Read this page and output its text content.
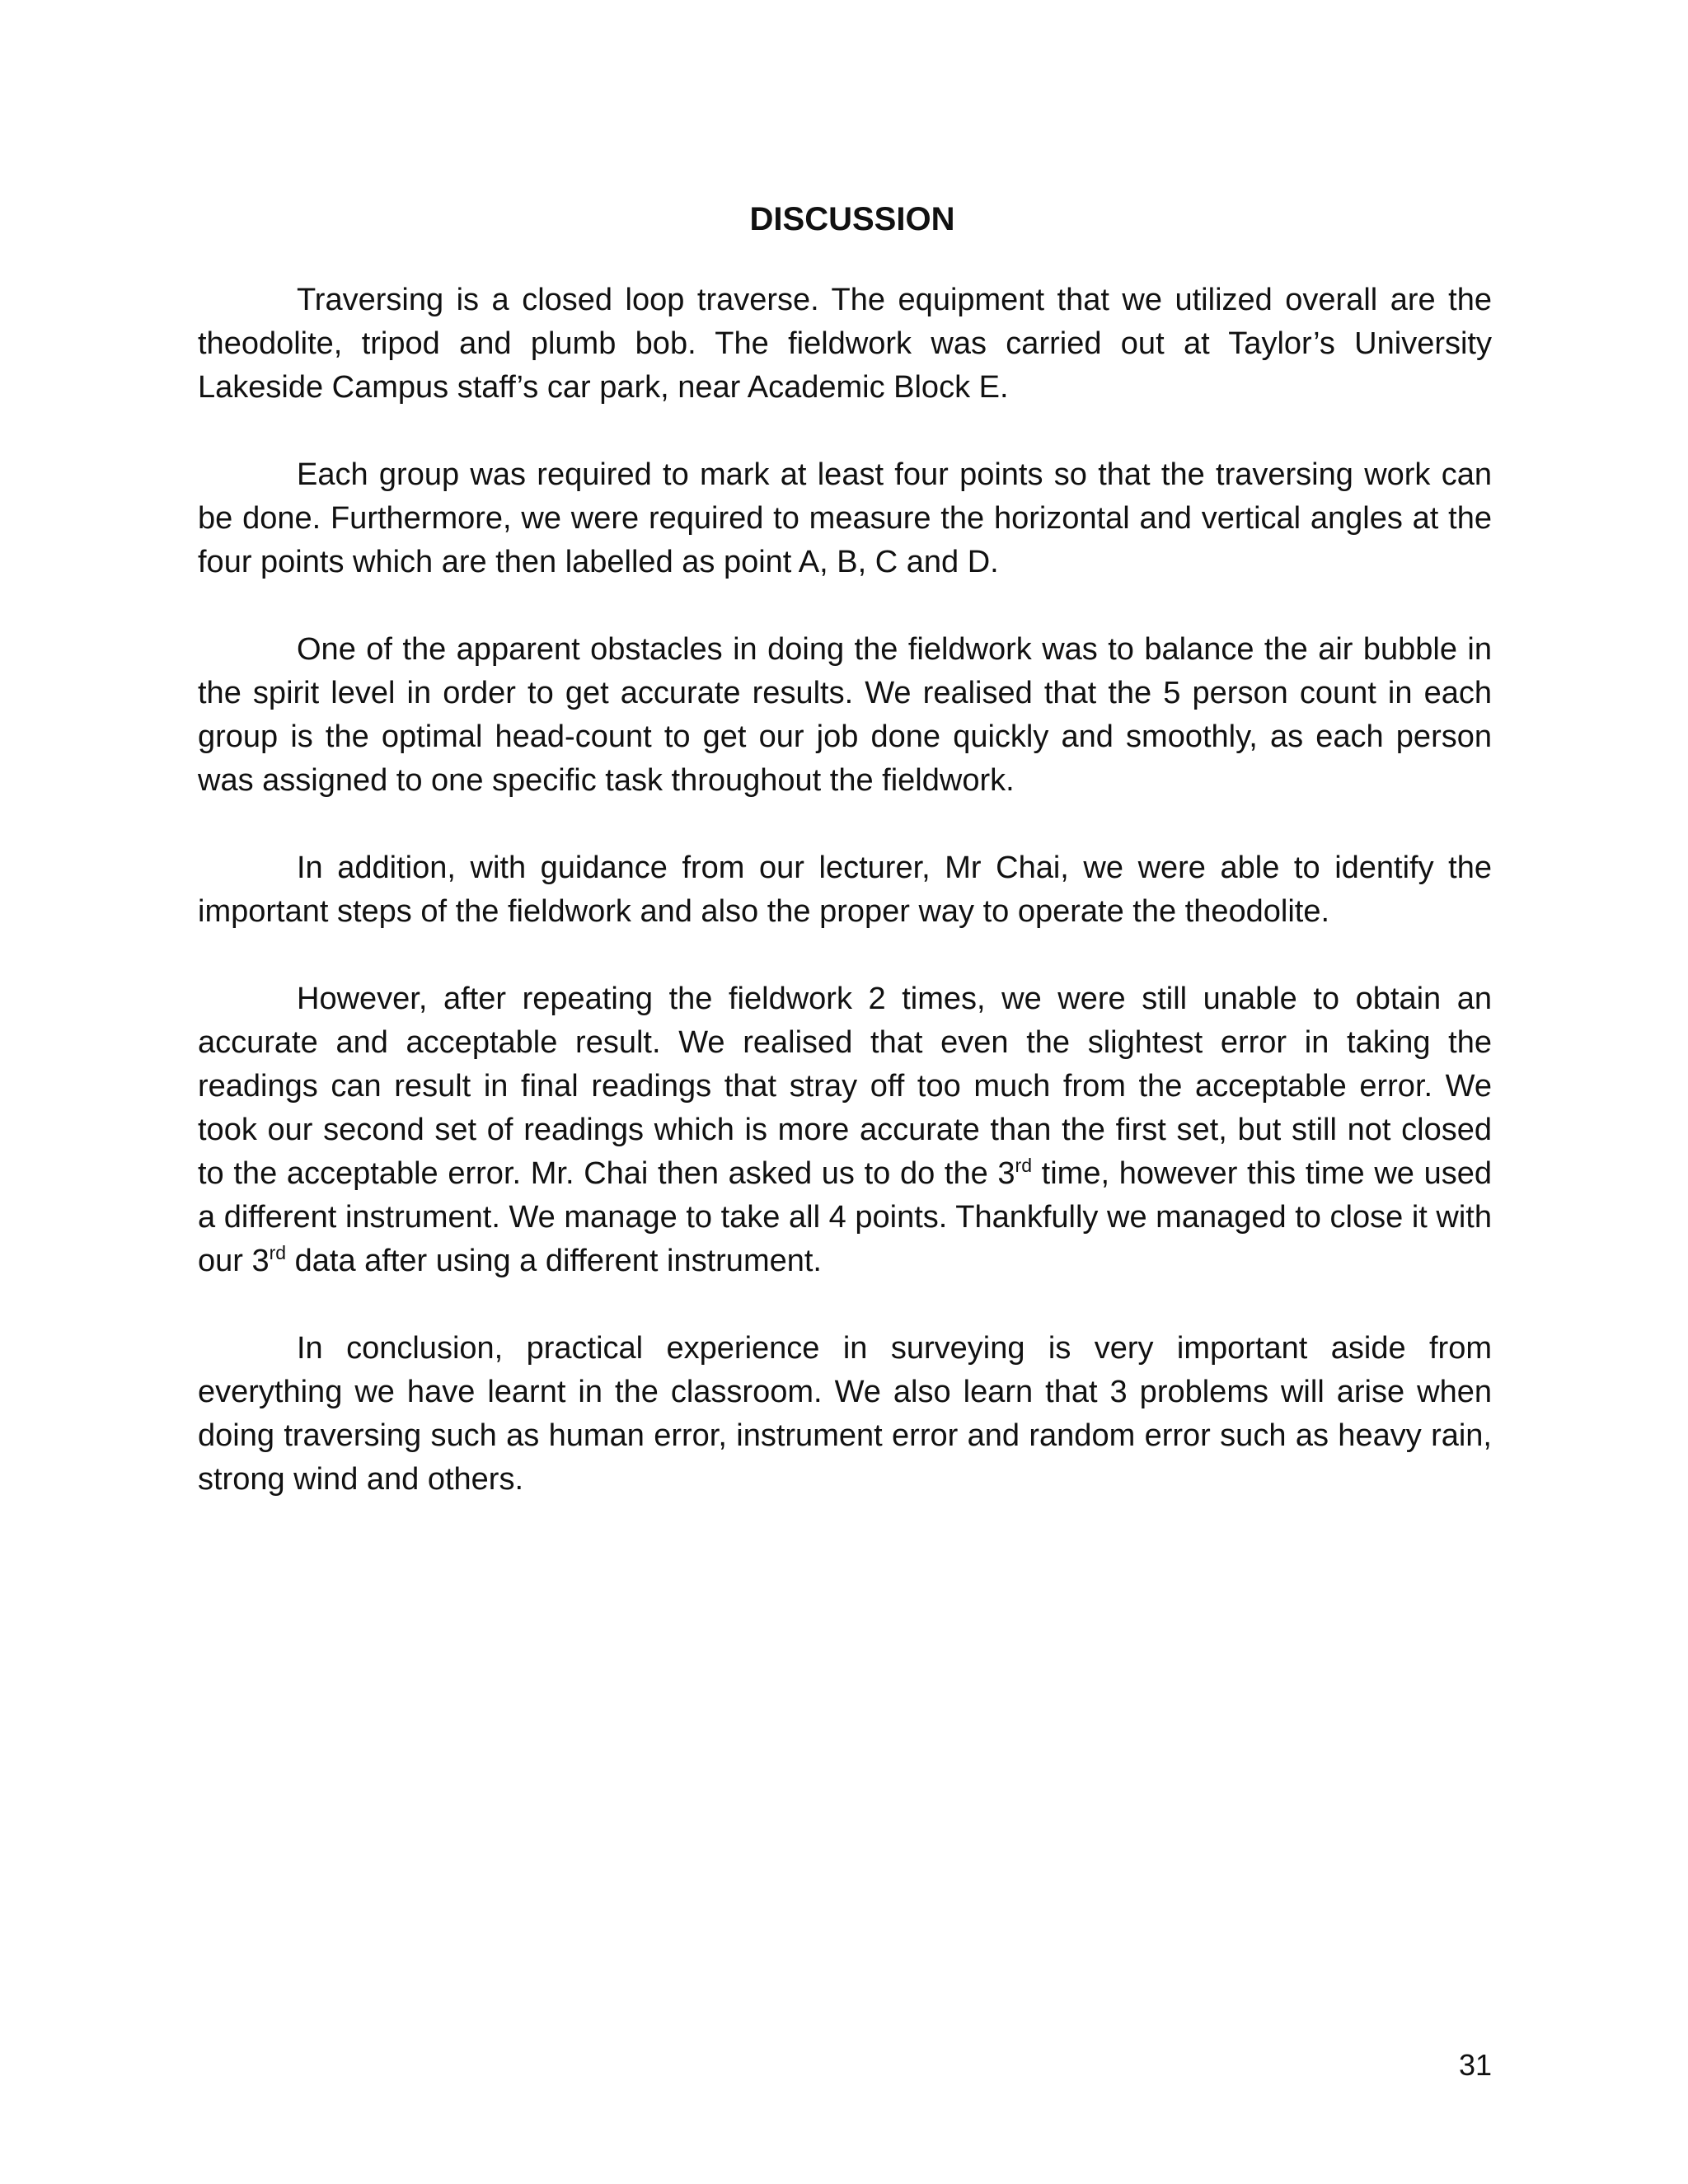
DISCUSSION

Traversing is a closed loop traverse. The equipment that we utilized overall are the theodolite, tripod and plumb bob. The fieldwork was carried out at Taylor’s University Lakeside Campus staff’s car park, near Academic Block E.

Each group was required to mark at least four points so that the traversing work can be done. Furthermore, we were required to measure the horizontal and vertical angles at the four points which are then labelled as point A, B, C and D.

One of the apparent obstacles in doing the fieldwork was to balance the air bubble in the spirit level in order to get accurate results. We realised that the 5 person count in each group is the optimal head-count to get our job done quickly and smoothly, as each person was assigned to one specific task throughout the fieldwork.

In addition, with guidance from our lecturer, Mr Chai, we were able to identify the important steps of the fieldwork and also the proper way to operate the theodolite.

However, after repeating the fieldwork 2 times, we were still unable to obtain an accurate and acceptable result. We realised that even the slightest error in taking the readings can result in final readings that stray off too much from the acceptable error. We took our second set of readings which is more accurate than the first set, but still not closed to the acceptable error. Mr. Chai then asked us to do the 3rd time, however this time we used a different instrument. We manage to take all 4 points. Thankfully we managed to close it with our 3rd data after using a different instrument.

In conclusion, practical experience in surveying is very important aside from everything we have learnt in the classroom. We also learn that 3 problems will arise when doing traversing such as human error, instrument error and random error such as heavy rain, strong wind and others.

31
